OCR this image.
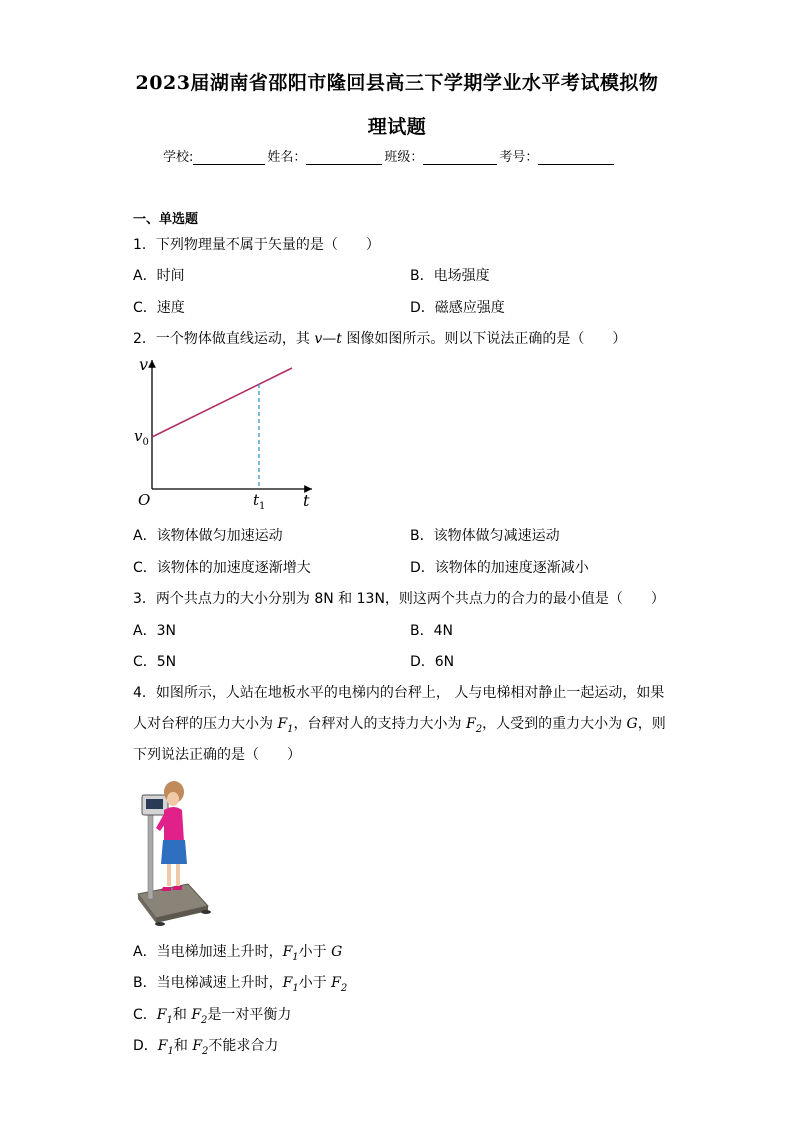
2023届湖南省邵阳市隆回县高三下学期学业水平考试模拟物
理试题
学校:	姓名：	班级：	考号：
一、单选题
1．下列物理量不属于矢量的是（　　）
A．时间	B．电场强度
C．速度	D．磁感应强度
2．一个物体做直线运动，其 v—t 图像如图所示。则以下说法正确的是（　　）
v
t
O
$v_0$
$t_1$
A．该物体做匀加速运动	B．该物体做匀减速运动
C．该物体的加速度逐渐增大	D．该物体的加速度逐渐减小
3．两个共点力的大小分别为 8N 和 13N，则这两个共点力的合力的最小值是（　　）
A．3N	B．4N
C．5N	D．6N
4．如图所示，人站在地板水平的电梯内的台秤上， 人与电梯相对静止一起运动，如果
人对台秤的压力大小为 $F_1$，台秤对人的支持力大小为 $F_2$，人受到的重力大小为 G，则
下列说法正确的是（　　）
A．当电梯加速上升时，$F_1$小于 G
B．当电梯减速上升时，$F_1$小于 $F_2$
C．$F_1$和 $F_2$是一对平衡力
D．$F_1$和 $F_2$不能求合力
